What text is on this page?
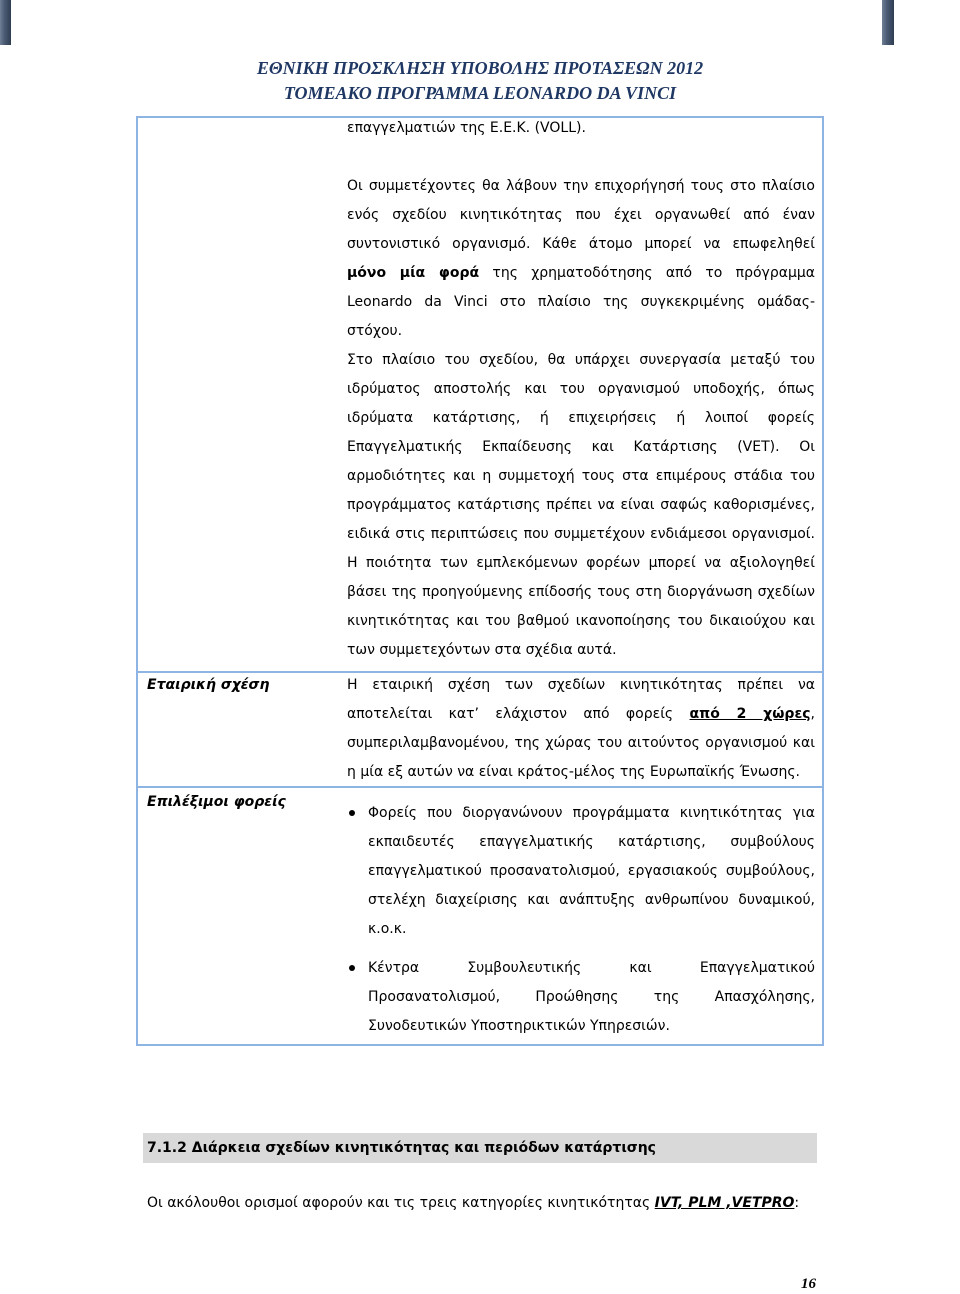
ΕΘΝΙΚΗ ΠΡΟΣΚΛΗΣΗ ΥΠΟΒΟΛΗΣ ΠΡΟΤΑΣΕΩΝ 2012
ΤΟΜΕΑΚΟ ΠΡΟΓΡΑΜΜΑ LEONARDO DA VINCI
επαγγελματιών της Ε.Ε.Κ. (VOLL).
Οι συμμετέχοντες θα λάβουν την επιχορήγησή τους στο πλαίσιο
ενός σχεδίου κινητικότητας που έχει οργανωθεί από έναν
συντονιστικό οργανισμό. Κάθε άτομο μπορεί να επωφεληθεί
μόνο μία φορά της χρηματοδότησης από το πρόγραμμα
Leonardo da Vinci στο πλαίσιο της συγκεκριμένης ομάδας-
στόχου.
Στο πλαίσιο του σχεδίου, θα υπάρχει συνεργασία μεταξύ του
ιδρύματος αποστολής και του οργανισμού υποδοχής, όπως
ιδρύματα κατάρτισης, ή επιχειρήσεις ή λοιποί φορείς
Επαγγελματικής Εκπαίδευσης και Κατάρτισης (VET). Οι
αρμοδιότητες και η συμμετοχή τους στα επιμέρους στάδια του
προγράμματος κατάρτισης πρέπει να είναι σαφώς καθορισμένες,
ειδικά στις περιπτώσεις που συμμετέχουν ενδιάμεσοι οργανισμοί.
Η ποιότητα των εμπλεκόμενων φορέων μπορεί να αξιολογηθεί
βάσει της προηγούμενης επίδοσής τους στη διοργάνωση σχεδίων
κινητικότητας και του βαθμού ικανοποίησης του δικαιούχου και
των συμμετεχόντων στα σχέδια αυτά.
Εταιρική σχέση	Η εταιρική σχέση των σχεδίων κινητικότητας πρέπει να
αποτελείται κατ’ ελάχιστον από φορείς από 2 χώρες,
συμπεριλαμβανομένου, της χώρας του αιτούντος οργανισμού και
η μία εξ αυτών να είναι κράτος-μέλος της Ευρωπαϊκής Ένωσης.
Επιλέξιμοι φορείς
Φορείς που διοργανώνουν προγράμματα κινητικότητας για
εκπαιδευτές επαγγελματικής κατάρτισης, συμβούλους
επαγγελματικού προσανατολισμού, εργασιακούς συμβούλους,
στελέχη διαχείρισης και ανάπτυξης ανθρωπίνου δυναμικού,
κ.ο.κ.
Κέντρα Συμβουλευτικής και Επαγγελματικού
Προσανατολισμού, Προώθησης της Απασχόλησης,
Συνοδευτικών Υποστηρικτικών Υπηρεσιών.
7.1.2 Διάρκεια σχεδίων κινητικότητας και περιόδων κατάρτισης
Οι ακόλουθοι ορισμοί αφορούν και τις τρεις κατηγορίες κινητικότητας IVT, PLM ,VETPRO:
16
